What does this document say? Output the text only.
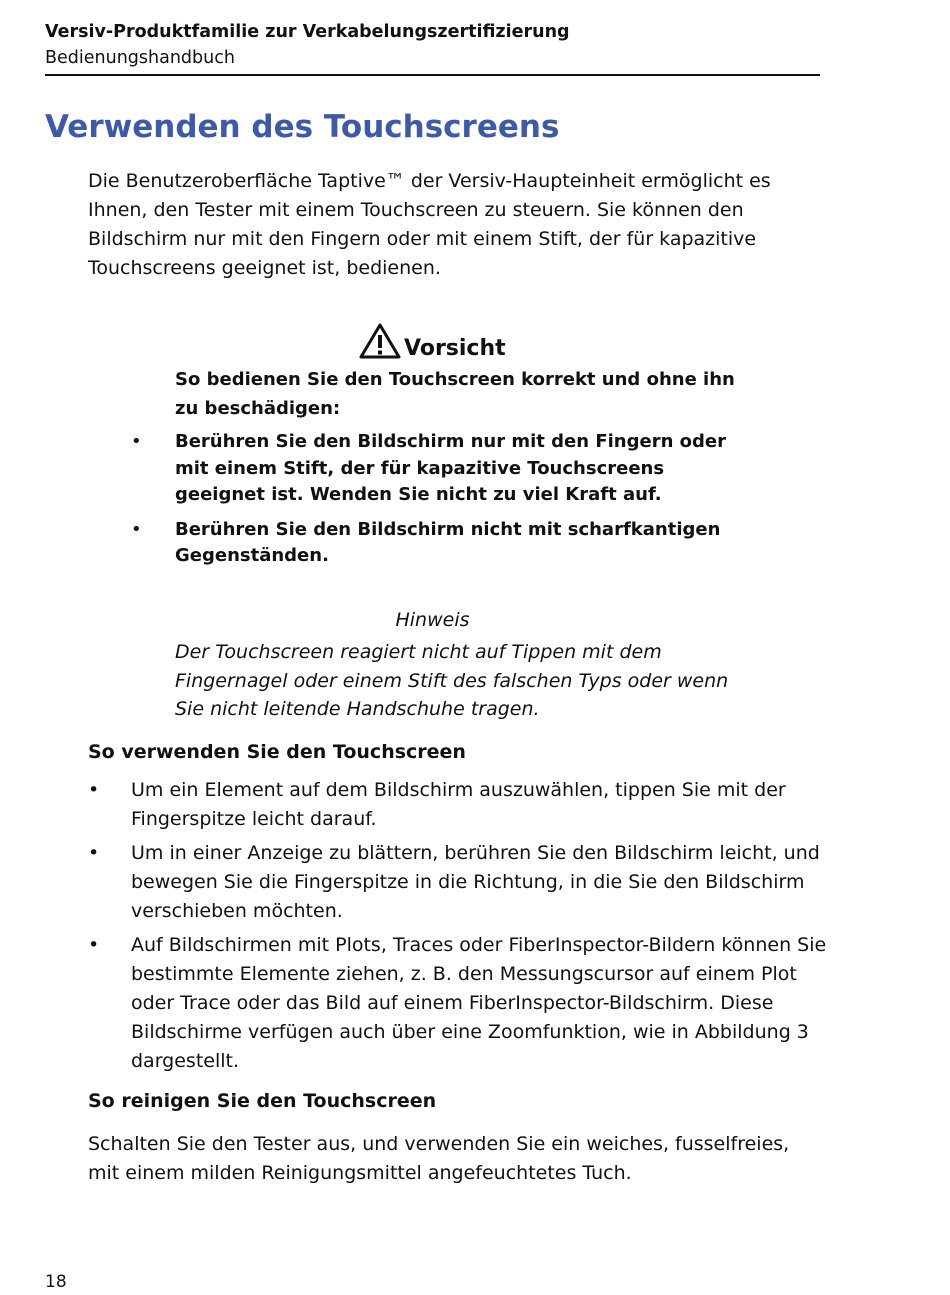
Versiv-Produktfamilie zur Verkabelungszertifizierung
Bedienungshandbuch
Verwenden des Touchscreens

Die Benutzeroberfläche Taptive™ der Versiv-Haupteinheit ermöglicht es Ihnen, den Tester mit einem Touchscreen zu steuern. Sie können den Bildschirm nur mit den Fingern oder mit einem Stift, der für kapazitive Touchscreens geeignet ist, bedienen.

Vorsicht

So bedienen Sie den Touchscreen korrekt und ohne ihn zu beschädigen:

• Berühren Sie den Bildschirm nur mit den Fingern oder mit einem Stift, der für kapazitive Touchscreens geeignet ist. Wenden Sie nicht zu viel Kraft auf.
• Berühren Sie den Bildschirm nicht mit scharfkantigen Gegenständen.
Hinweis
Der Touchscreen reagiert nicht auf Tippen mit dem Fingernagel oder einem Stift des falschen Typs oder wenn Sie nicht leitende Handschuhe tragen.
So verwenden Sie den Touchscreen
• Um ein Element auf dem Bildschirm auszuwählen, tippen Sie mit der Fingerspitze leicht darauf.
• Um in einer Anzeige zu blättern, berühren Sie den Bildschirm leicht, und bewegen Sie die Fingerspitze in die Richtung, in die Sie den Bildschirm verschieben möchten.
• Auf Bildschirmen mit Plots, Traces oder FiberInspector-Bildern können Sie bestimmte Elemente ziehen, z. B. den Messungscursor auf einem Plot oder Trace oder das Bild auf einem FiberInspector-Bildschirm. Diese Bildschirme verfügen auch über eine Zoomfunktion, wie in Abbildung 3 dargestellt.
So reinigen Sie den Touchscreen

Schalten Sie den Tester aus, und verwenden Sie ein weiches, fusselfreies, mit einem milden Reinigungsmittel angefeuchtetes Tuch.

18
